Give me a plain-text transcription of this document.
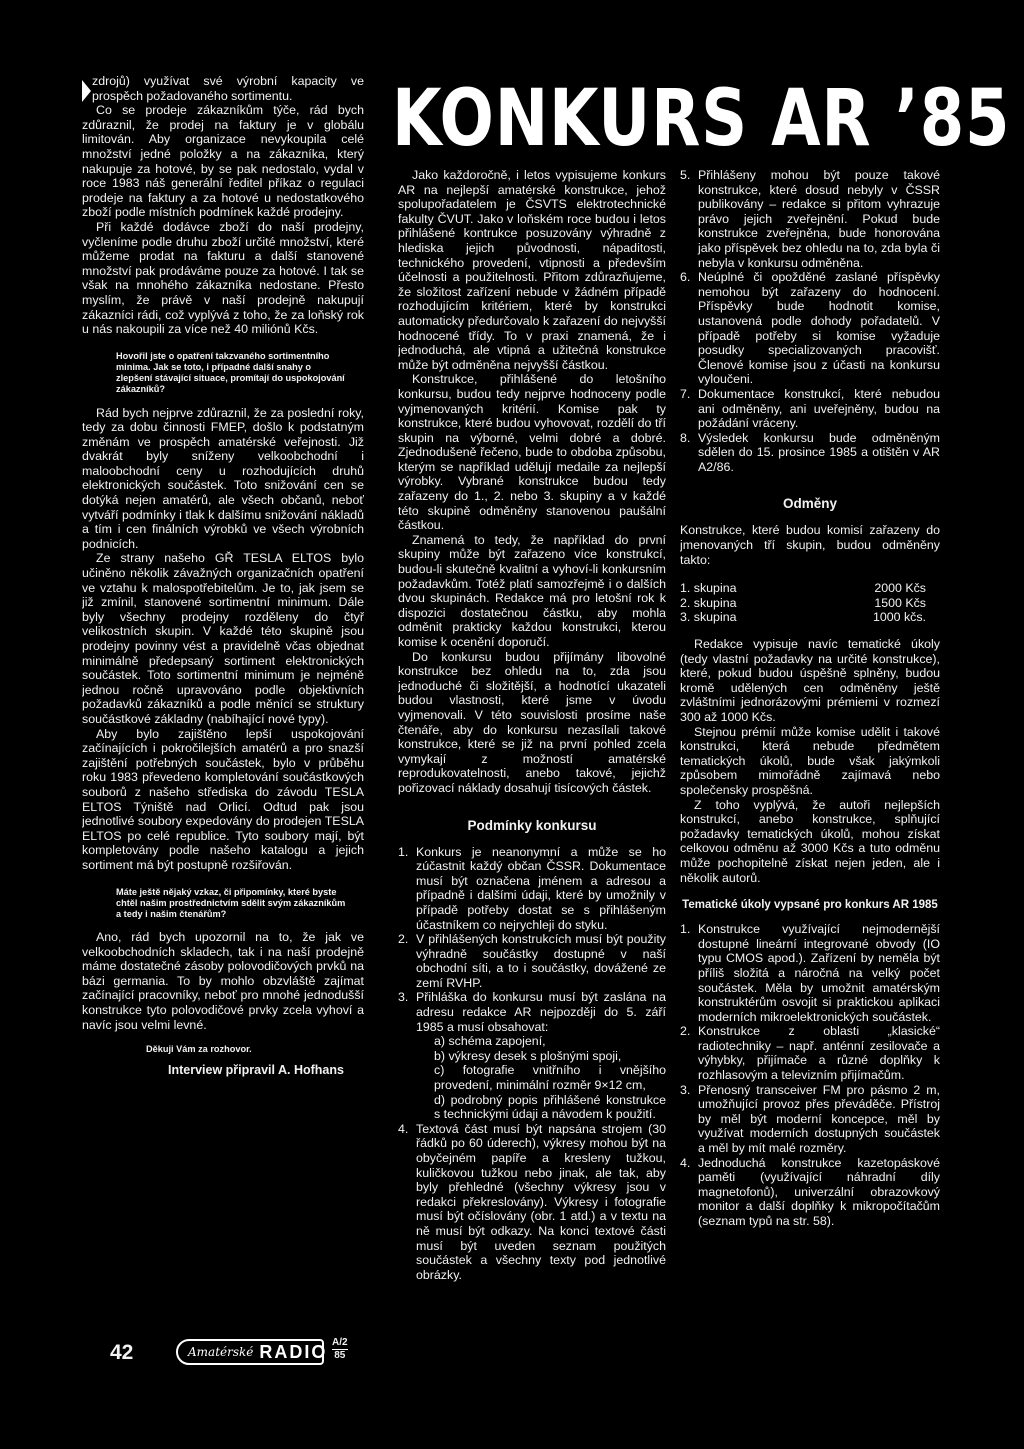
zdrojů) využívat své výrobní kapacity ve prospěch požadovaného sortimentu.

Co se prodeje zákazníkům týče, rád bych zdůraznil, že prodej na faktury je v globálu limitován. Aby organizace nevykoupila celé množství jedné položky a na zákazníka, který nakupuje za hotové, by se pak nedostalo, vydal v roce 1983 náš generální ředitel příkaz o regulaci prodeje na faktury a za hotové u nedostatkového zboží podle místních podmínek každé prodejny.

Při každé dodávce zboží do naší prodejny, vyčleníme podle druhu zboží určité množství, které můžeme prodat na fakturu a další stanovené množství pak prodáváme pouze za hotové. I tak se však na mnohého zákazníka nedostane. Přesto myslím, že právě v naší prodejně nakupují zákazníci rádi, což vyplývá z toho, že za loňský rok u nás nakoupili za více než 40 miliónů Kčs.

Hovořil jste o opatření takzvaného sortimentního minima. Jak se toto, i případné další snahy o zlepšení stávající situace, promítají do uspokojování zákazníků?

Rád bych nejprve zdůraznil, že za poslední roky, tedy za dobu činnosti FMEP, došlo k podstatným změnám ve prospěch amatérské veřejnosti. Již dvakrát byly sníženy velkoobchodní i maloobchodní ceny u rozhodujících druhů elektronických součástek. Toto snižování cen se dotýká nejen amatérů, ale všech občanů, neboť vytváří podmínky i tlak k dalšímu snižování nákladů a tím i cen finálních výrobků ve všech výrobních podnicích.

Ze strany našeho GŘ TESLA ELTOS bylo učiněno několik závažných organizačních opatření ve vztahu k malospotřebitelům. Je to, jak jsem se již zmínil, stanovené sortimentní minimum. Dále byly všechny prodejny rozděleny do čtyř velikostních skupin. V každé této skupině jsou prodejny povinny vést a pravidelně včas objednat minimálně předepsaný sortiment elektronických součástek. Toto sortimentní minimum je nejméně jednou ročně upravováno podle objektivních požadavků zákazníků a podle měnící se struktury součástkové základny (nabíhající nové typy).

Aby bylo zajištěno lepší uspokojování začínajících i pokročilejších amatérů a pro snazší zajištění potřebných součástek, bylo v průběhu roku 1983 převedeno kompletování součástkových souborů z našeho střediska do závodu TESLA ELTOS Týniště nad Orlicí. Odtud pak jsou jednotlivé soubory expedovány do prodejen TESLA ELTOS po celé republice. Tyto soubory mají, být kompletovány podle našeho katalogu a jejich sortiment má být postupně rozšiřován.

Máte ještě nějaký vzkaz, či připomínky, které byste chtěl našim prostřednictvím sdělit svým zákazníkům a tedy i našim čtenářům?

Ano, rád bych upozornil na to, že jak ve velkoobchodních skladech, tak i na naší prodejně máme dostatečné zásoby polovodičových prvků na bázi germania. To by mohlo obzvláště zajímat začínající pracovníky, neboť pro mnohé jednodušší konstrukce tyto polovodičové prvky zcela vyhoví a navíc jsou velmi levné.

Děkuji Vám za rozhovor.

Interview připravil A. Hofhans

KONKURS AR ’85

Jako každoročně, i letos vypisujeme konkurs AR na nejlepší amatérské konstrukce, jehož spolupořadatelem je ČSVTS elektrotechnické fakulty ČVUT. Jako v loňském roce budou i letos přihlášené kontrukce posuzovány výhradně z hlediska jejich původnosti, nápaditosti, technického provedení, vtipnosti a především účelnosti a použitelnosti. Přitom zdůrazňujeme, že složitost zařízení nebude v žádném případě rozhodujícím kritériem, které by konstrukci automaticky předurčovalo k zařazení do nejvyšší hodnocené třídy. To v praxi znamená, že i jednoduchá, ale vtipná a užitečná konstrukce může být odměněna nejvyšší částkou.

Konstrukce, přihlášené do letošního konkursu, budou tedy nejprve hodnoceny podle vyjmenovaných kritérií. Komise pak ty konstrukce, které budou vyhovovat, rozdělí do tří skupin na výborné, velmi dobré a dobré. Zjednodušeně řečeno, bude to obdoba způsobu, kterým se například udělují medaile za nejlepší výrobky. Vybrané konstrukce budou tedy zařazeny do 1., 2. nebo 3. skupiny a v každé této skupině odměněny stanovenou paušální částkou.

Znamená to tedy, že například do první skupiny může být zařazeno více konstrukcí, budou-li skutečně kvalitní a vyhoví-li konkursním požadavkům. Totéž platí samozřejmě i o dalších dvou skupinách. Redakce má pro letošní rok k dispozici dostatečnou částku, aby mohla odměnit prakticky každou konstrukci, kterou komise k ocenění doporučí.

Do konkursu budou přijímány libovolné konstrukce bez ohledu na to, zda jsou jednoduché či složitější, a hodnotící ukazateli budou vlastnosti, které jsme v úvodu vyjmenovali. V této souvislosti prosíme naše čtenáře, aby do konkursu nezasílali takové konstrukce, které se již na první pohled zcela vymykají z možností amatérské reprodukovatelnosti, anebo takové, jejichž pořizovací náklady dosahují tisícových částek.

Podmínky konkursu
1. Konkurs je neanonymní a může se ho zúčastnit každý občan ČSSR. Dokumentace musí být označena jménem a adresou a případně i dalšími údaji, které by umožnily v případě potřeby dostat se s přihlášeným účastníkem co nejrychleji do styku.
2. V přihlášených konstrukcích musí být použity výhradně součástky dostupné v naší obchodní síti, a to i součástky, dovážené ze zemí RVHP.
3. Přihláška do konkursu musí být zaslána na adresu redakce AR nejpozději do 5. září 1985 a musí obsahovat:
a) schéma zapojení,
b) výkresy desek s plošnými spoji,
c) fotografie vnitřního i vnějšího provedení, minimální rozměr 9×12 cm,
d) podrobný popis přihlášené konstrukce s technickými údaji a návodem k použití.
4. Textová část musí být napsána strojem (30 řádků po 60 úderech), výkresy mohou být na obyčejném papíře a kresleny tužkou, kuličkovou tužkou nebo jinak, ale tak, aby byly přehledné (všechny výkresy jsou v redakci překreslovány). Výkresy i fotografie musí být očíslovány (obr. 1 atd.) a v textu na ně musí být odkazy. Na konci textové části musí být uveden seznam použitých součástek a všechny texty pod jednotlivé obrázky.
5. Přihlášeny mohou být pouze takové konstrukce, které dosud nebyly v ČSSR publikovány – redakce si přitom vyhrazuje právo jejich zveřejnění. Pokud bude konstrukce zveřejněna, bude honorována jako příspěvek bez ohledu na to, zda byla či nebyla v konkursu odměněna.
6. Neúplné či opožděné zaslané příspěvky nemohou být zařazeny do hodnocení. Příspěvky bude hodnotit komise, ustanovená podle dohody pořadatelů. V případě potřeby si komise vyžaduje posudky specializovaných pracovišť. Členové komise jsou z účasti na konkursu vyloučeni.
7. Dokumentace konstrukcí, které nebudou ani odměněny, ani uveřejněny, budou na požádání vráceny.
8. Výsledek konkursu bude odměněným sdělen do 15. prosince 1985 a otištěn v AR A2/86.
Odměny

Konstrukce, které budou komisí zařazeny do jmenovaných tří skupin, budou odměněny takto:

1. skupina	2000 Kčs
2. skupina	1500 Kčs
3. skupina	1000 kčs.

Redakce vypisuje navíc tematické úkoly (tedy vlastní požadavky na určité konstrukce), které, pokud budou úspěšně splněny, budou kromě udělených cen odměněny ještě zvláštními jednorázovými prémiemi v rozmezí 300 až 1000 Kčs.

Stejnou prémií může komise udělit i takové konstrukci, která nebude předmětem tematických úkolů, bude však jakýmkoli způsobem mimořádně zajímavá nebo společensky prospěšná.

Z toho vyplývá, že autoři nejlepších konstrukcí, anebo konstrukce, splňující požadavky tematických úkolů, mohou získat celkovou odměnu až 3000 Kčs a tuto odměnu může pochopitelně získat nejen jeden, ale i několik autorů.

Tematické úkoly vypsané pro konkurs AR 1985
1. Konstrukce využívající nejmodernější dostupné lineární integrované obvody (IO typu CMOS apod.). Zařízení by neměla být příliš složitá a náročná na velký počet součástek. Měla by umožnit amatérským konstruktérům osvojit si praktickou aplikaci moderních mikroelektronických součástek.
2. Konstrukce z oblasti „klasické“ radiotechniky – např. anténní zesilovače a výhybky, přijímače a různé doplňky k rozhlasovým a televizním přijímačům.
3. Přenosný transceiver FM pro pásmo 2 m, umožňující provoz přes převáděče. Přístroj by měl být moderní koncepce, měl by využívat moderních dostupných součástek a měl by mít malé rozměry.
4. Jednoduchá konstrukce kazetopáskové paměti (využívající náhradní díly magnetofonů), univerzální obrazovkový monitor a další doplňky k mikropočítačům (seznam typů na str. 58).
42	Amatérské RADIO A/2
85
